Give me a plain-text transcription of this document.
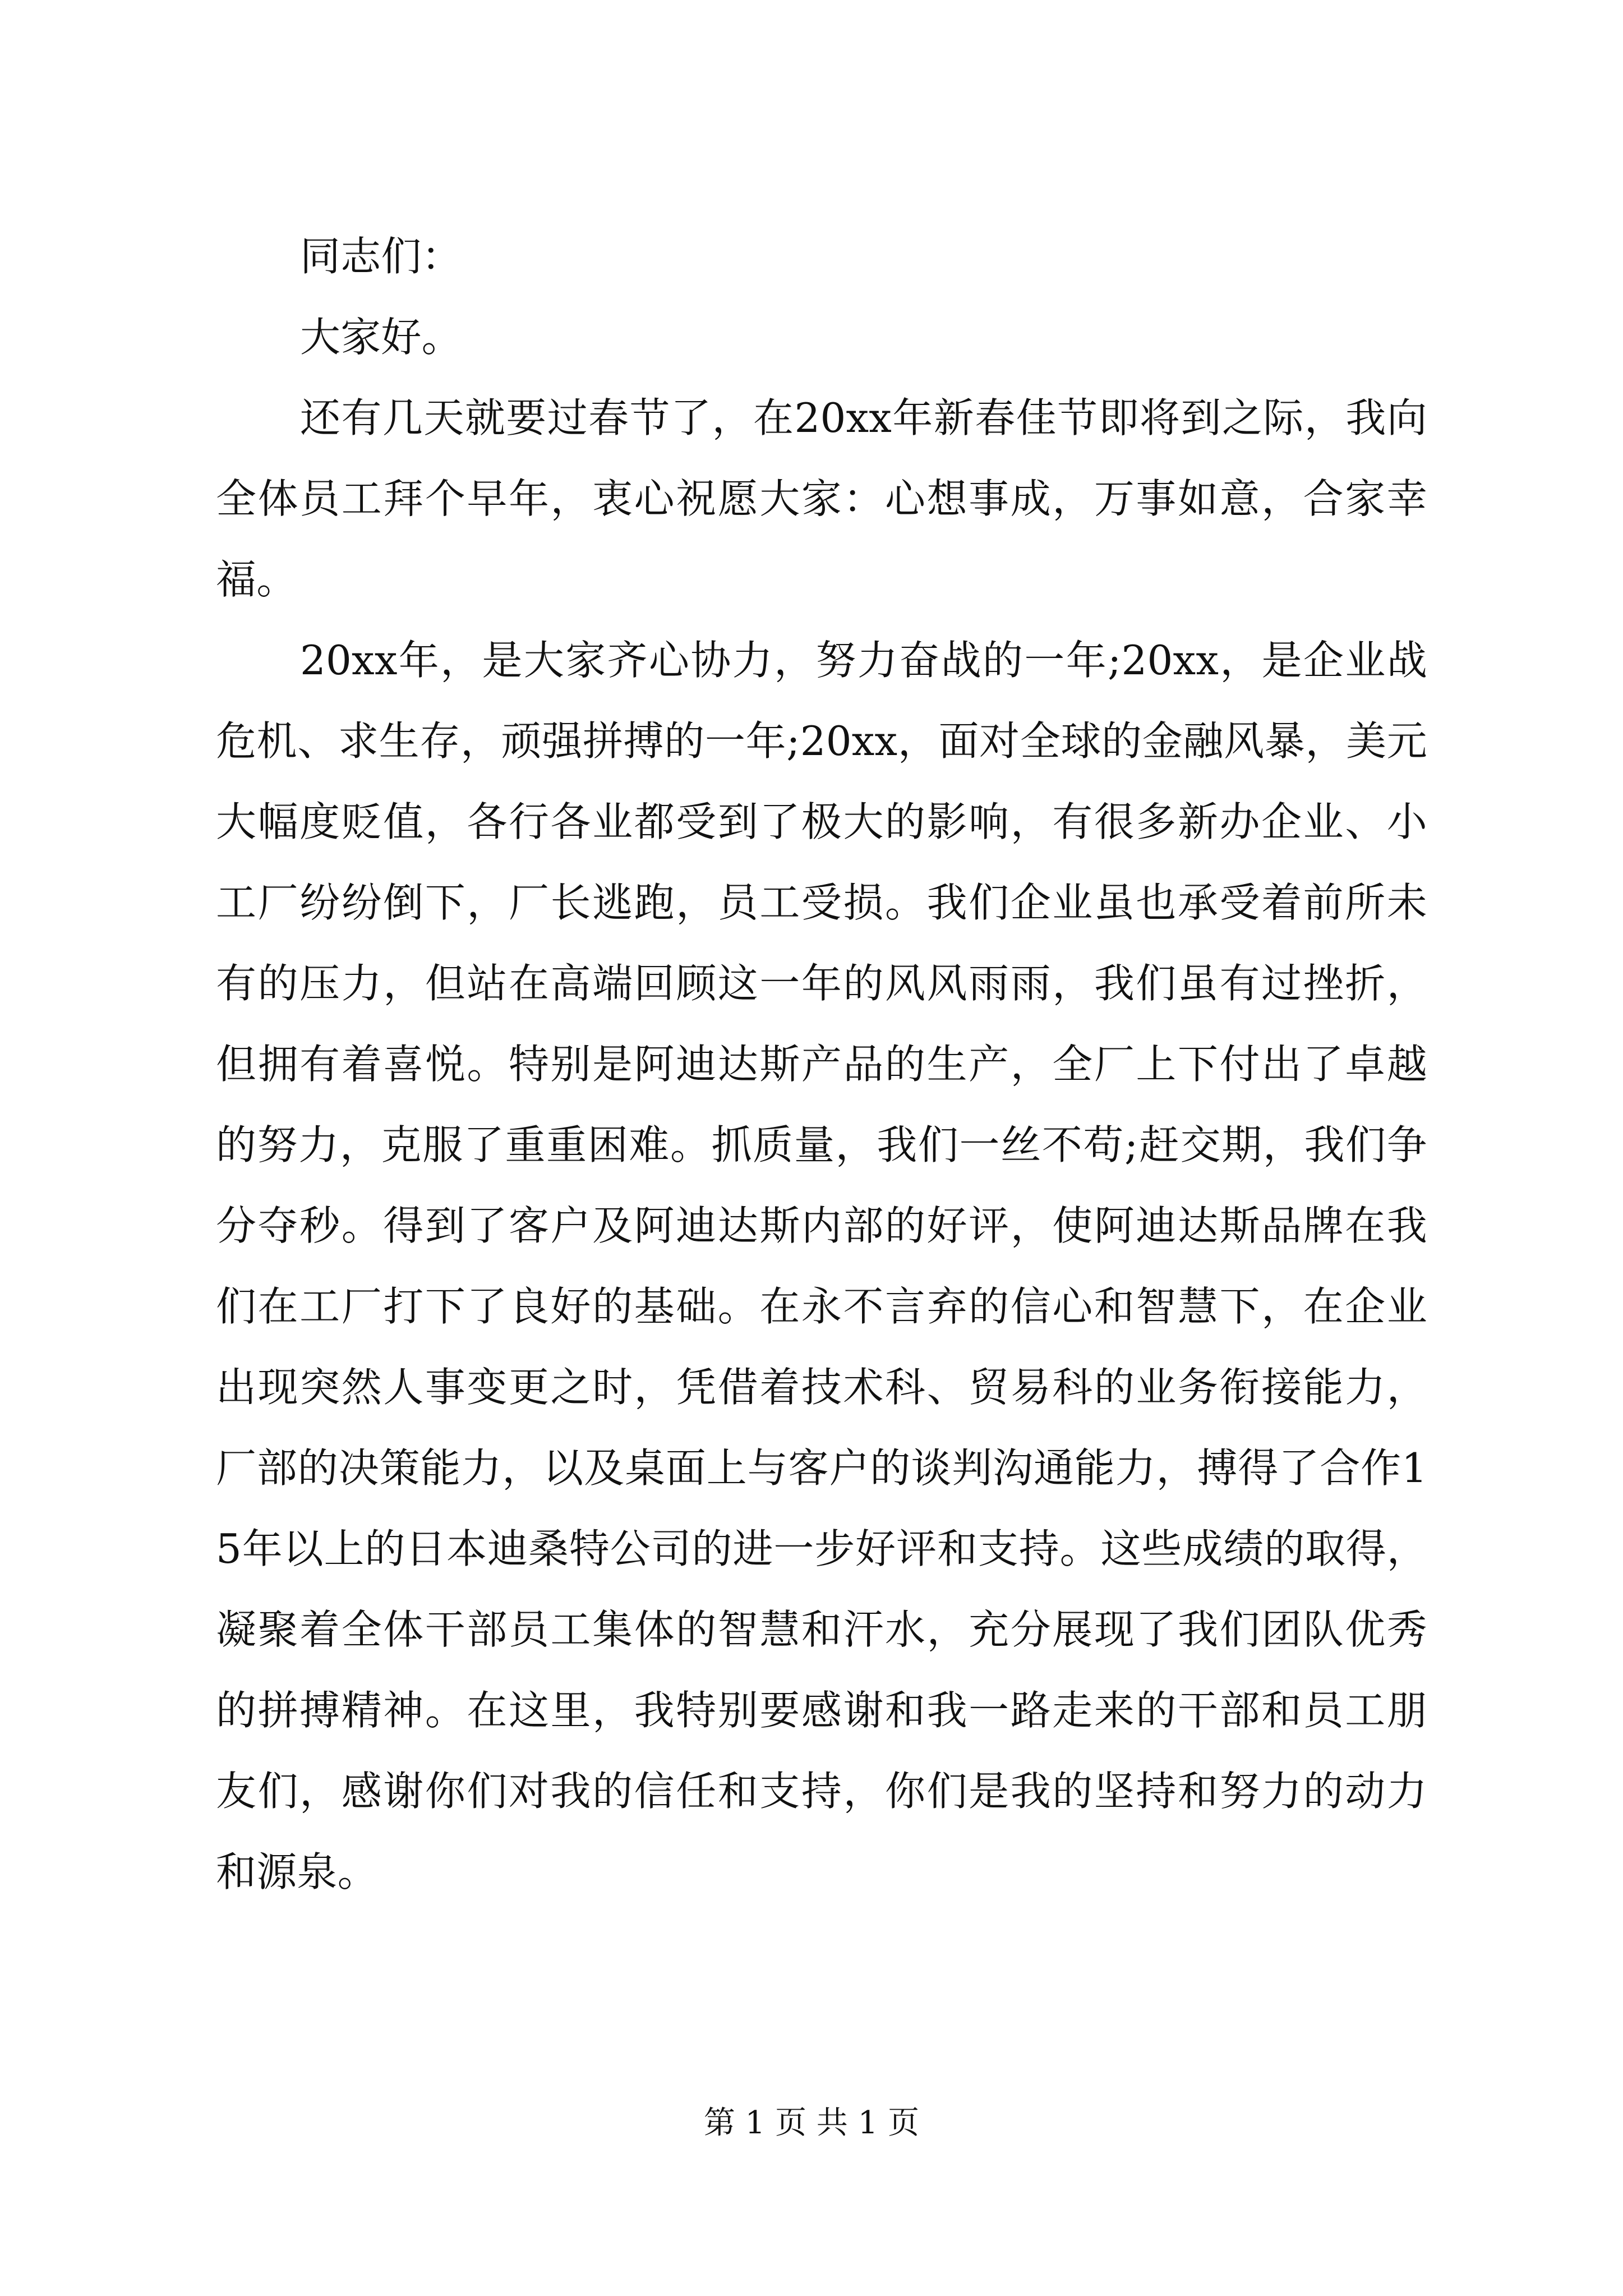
同志们：

大家好。

还有几天就要过春节了，在20xx年新春佳节即将到之际，我向全体员工拜个早年，衷心祝愿大家：心想事成，万事如意，合家幸福。

20xx年，是大家齐心协力，努力奋战的一年;20xx，是企业战危机、求生存，顽强拼搏的一年;20xx，面对全球的金融风暴，美元大幅度贬值，各行各业都受到了极大的影响，有很多新办企业、小工厂纷纷倒下，厂长逃跑，员工受损。我们企业虽也承受着前所未有的压力，但站在高端回顾这一年的风风雨雨，我们虽有过挫折，但拥有着喜悦。特别是阿迪达斯产品的生产，全厂上下付出了卓越的努力，克服了重重困难。抓质量，我们一丝不苟;赶交期，我们争分夺秒。得到了客户及阿迪达斯内部的好评，使阿迪达斯品牌在我们在工厂打下了良好的基础。在永不言弃的信心和智慧下，在企业出现突然人事变更之时，凭借着技术科、贸易科的业务衔接能力，厂部的决策能力，以及桌面上与客户的谈判沟通能力，搏得了合作15年以上的日本迪桑特公司的进一步好评和支持。这些成绩的取得，凝聚着全体干部员工集体的智慧和汗水，充分展现了我们团队优秀的拼搏精神。在这里，我特别要感谢和我一路走来的干部和员工朋友们，感谢你们对我的信任和支持，你们是我的坚持和努力的动力和源泉。

第 1 页 共 1 页
